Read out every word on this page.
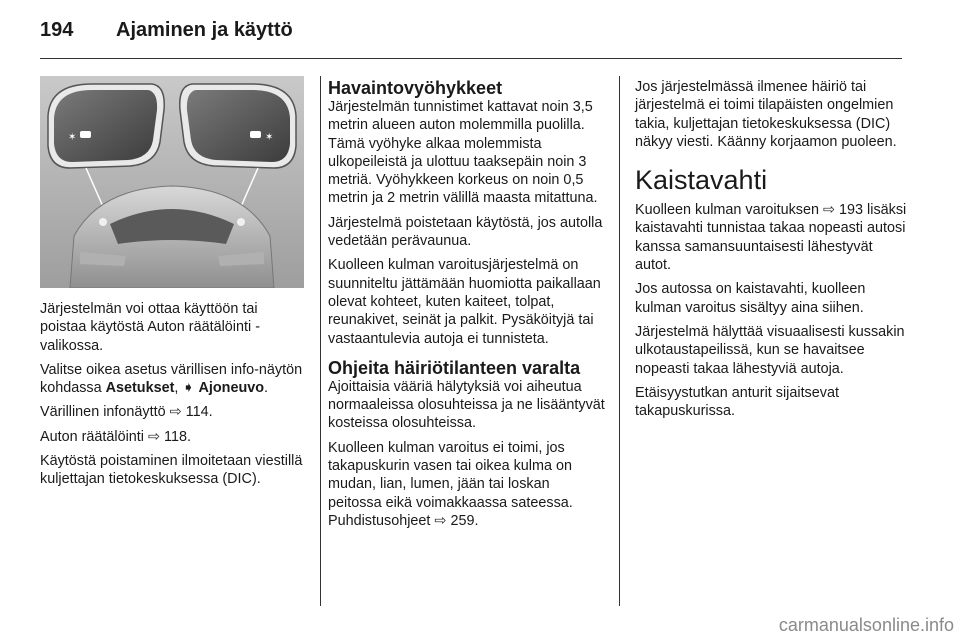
194	Ajaminen ja käyttö
✶	✶

Järjestelmän voi ottaa käyttöön tai poistaa käytöstä Auton räätälöinti -valikossa.

Valitse oikea asetus värillisen info-näytön kohdassa Asetukset, ➧ Ajoneuvo.

Värillinen infonäyttö ⇨ 114.

Auton räätälöinti ⇨ 118.

Käytöstä poistaminen ilmoitetaan viestillä kuljettajan tietokeskuksessa (DIC).

Havaintovyöhykkeet

Järjestelmän tunnistimet kattavat noin 3,5 metrin alueen auton molemmilla puolilla. Tämä vyöhyke alkaa molemmista ulkopeileistä ja ulottuu taaksepäin noin 3 metriä. Vyöhykkeen korkeus on noin 0,5 metrin ja 2 metrin välillä maasta mitattuna.

Järjestelmä poistetaan käytöstä, jos autolla vedetään perävaunua.

Kuolleen kulman varoitusjärjestelmä on suunniteltu jättämään huomiotta paikallaan olevat kohteet, kuten kaiteet, tolpat, reunakivet, seinät ja palkit. Pysäköityjä tai vastaantulevia autoja ei tunnisteta.

Ohjeita häiriötilanteen varalta

Ajoittaisia vääriä hälytyksiä voi aiheutua normaaleissa olosuhteissa ja ne lisääntyvät kosteissa olosuhteissa.

Kuolleen kulman varoitus ei toimi, jos takapuskurin vasen tai oikea kulma on mudan, lian, lumen, jään tai loskan peitossa eikä voimakkaassa sateessa. Puhdistusohjeet ⇨ 259.

Jos järjestelmässä ilmenee häiriö tai järjestelmä ei toimi tilapäisten ongelmien takia, kuljettajan tietokeskuksessa (DIC) näkyy viesti. Käänny korjaamon puoleen.

Kaistavahti

Kuolleen kulman varoituksen ⇨ 193 lisäksi kaistavahti tunnistaa takaa nopeasti autosi kanssa samansuuntaisesti lähestyvät autot.

Jos autossa on kaistavahti, kuolleen kulman varoitus sisältyy aina siihen.

Järjestelmä hälyttää visuaalisesti kussakin ulkotaustapeilissä, kun se havaitsee nopeasti takaa lähestyviä autoja.

Etäisyystutkan anturit sijaitsevat takapuskurissa.

carmanualsonline.info
